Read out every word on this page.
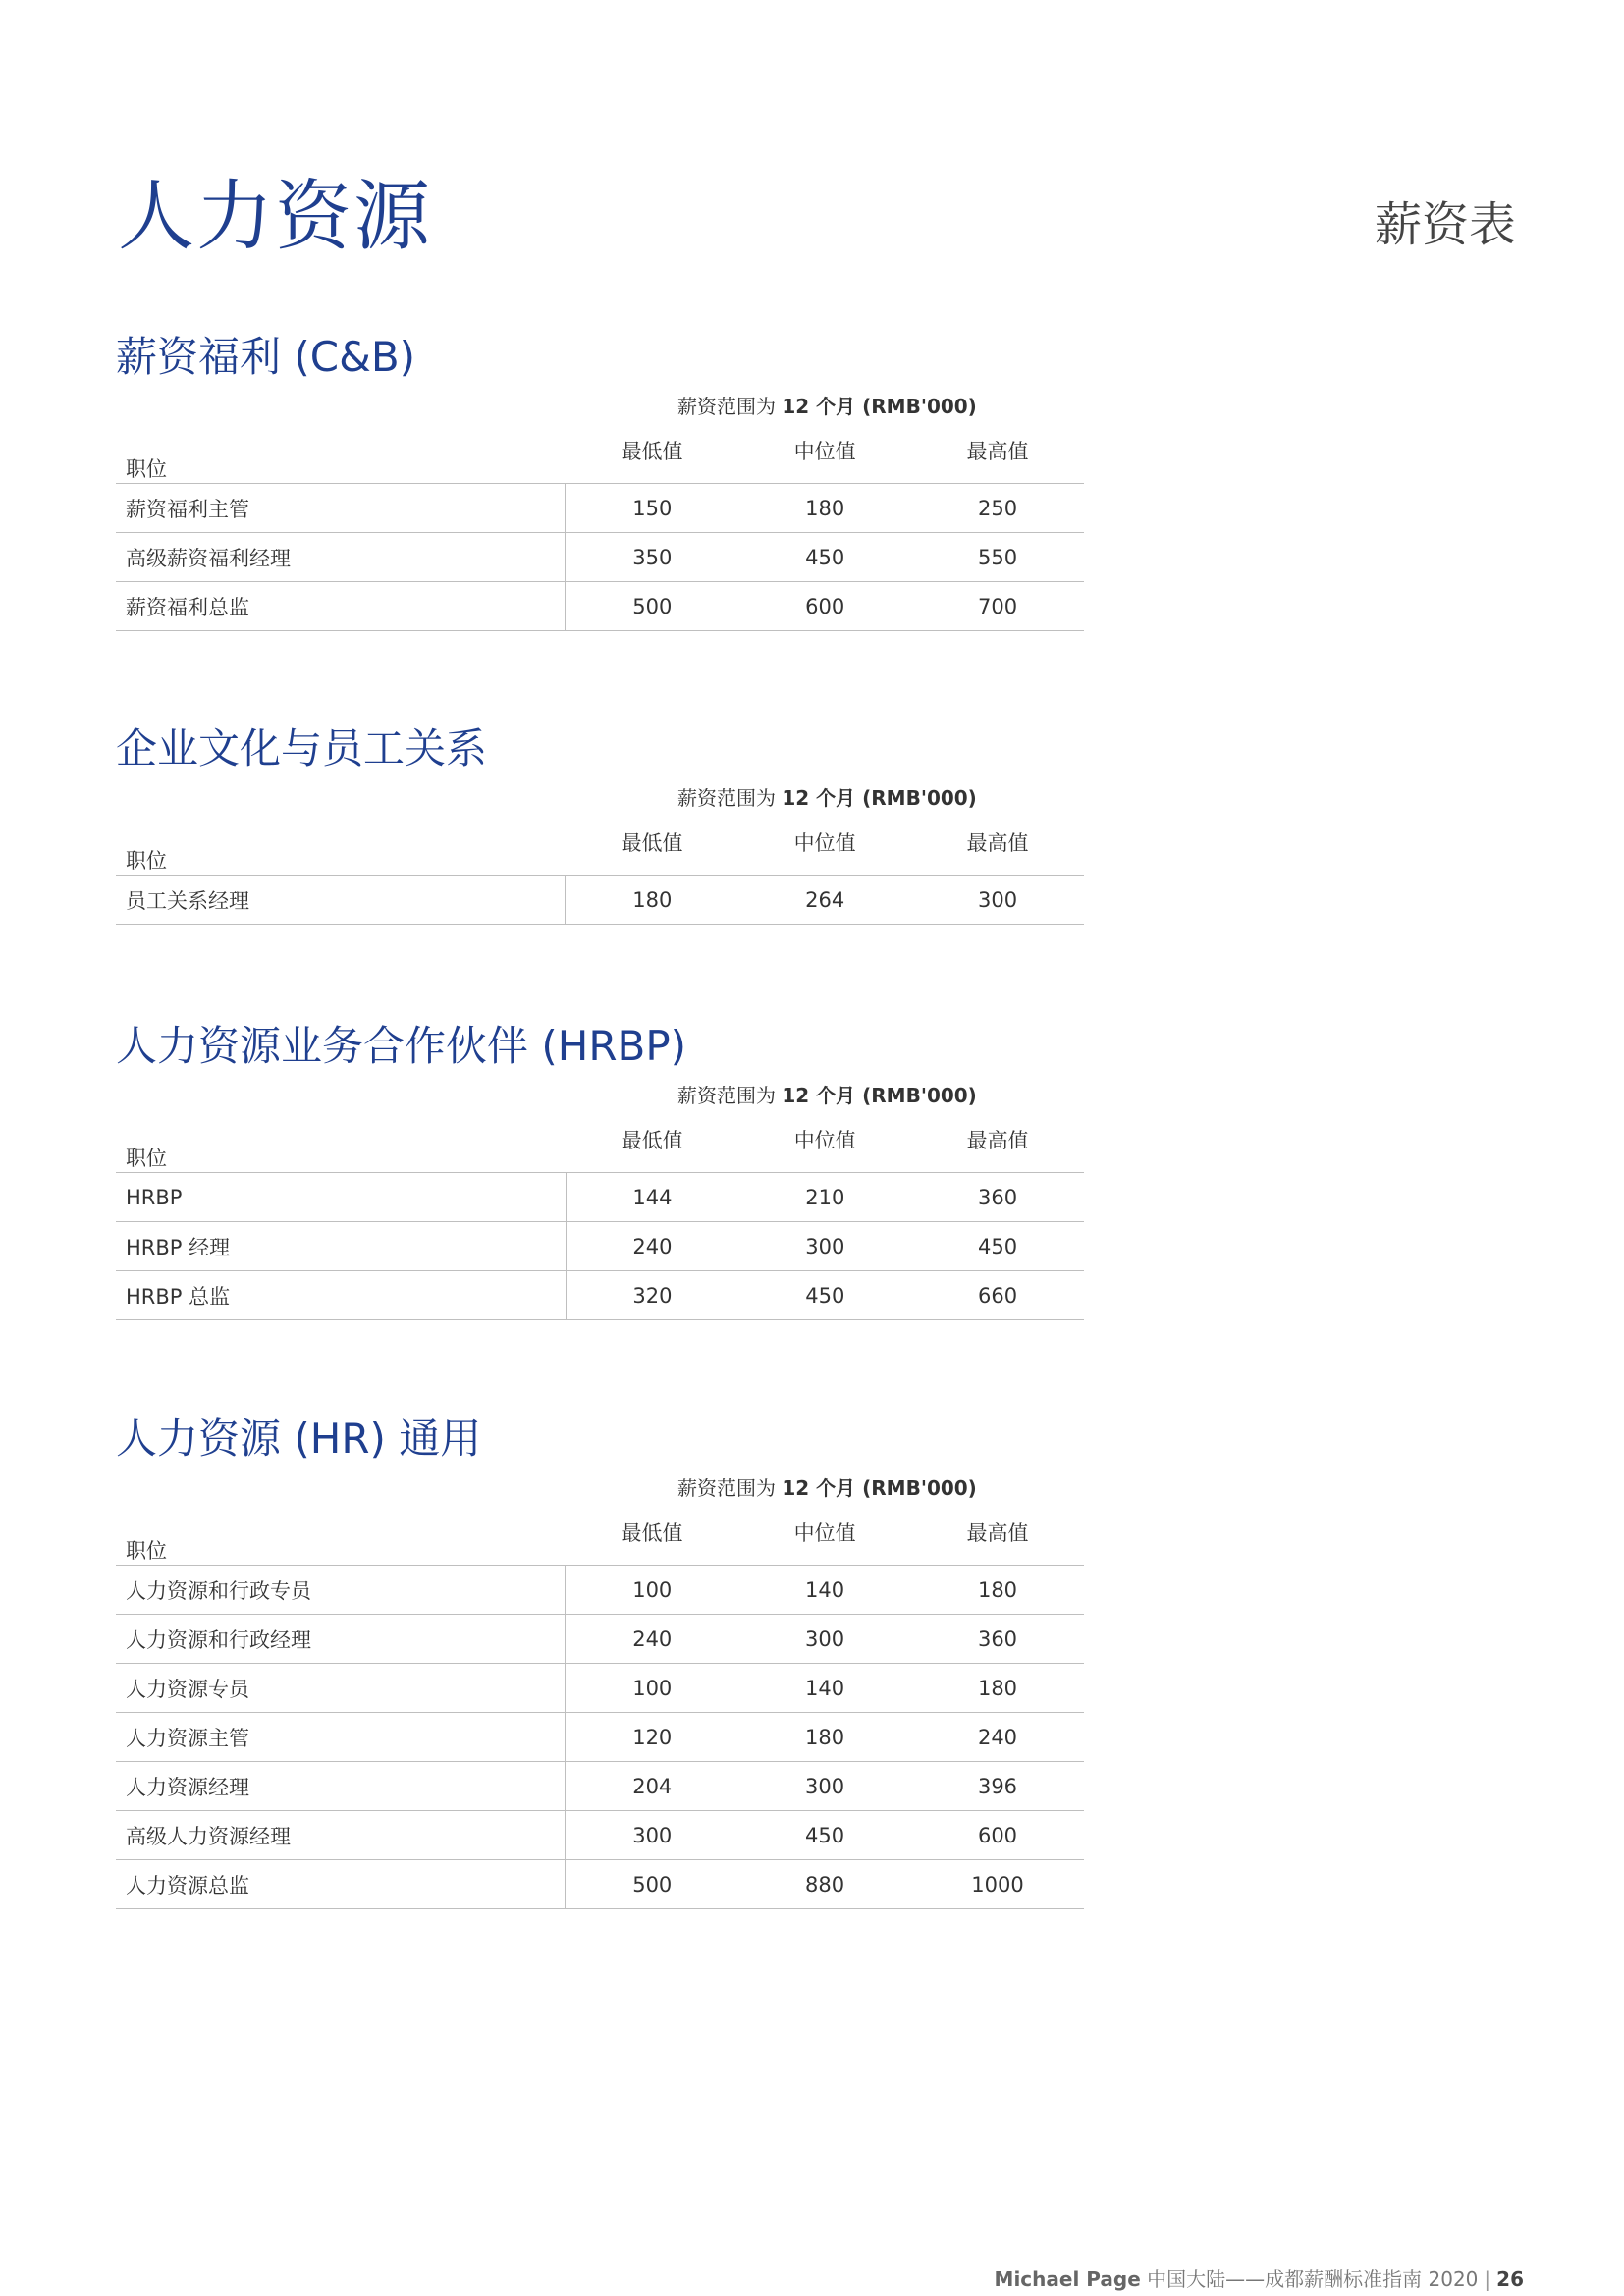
人力资源	薪资表
薪资福利 (C&B)
薪资范围为 12 个月 (RMB'000)
职位	最低值	中位值	最高值
薪资福利主管	150	180	250
高级薪资福利经理	350	450	550
薪资福利总监	500	600	700
企业文化与员工关系
薪资范围为 12 个月 (RMB'000)
职位	最低值	中位值	最高值
员工关系经理	180	264	300
人力资源业务合作伙伴 (HRBP)
薪资范围为 12 个月 (RMB'000)
职位	最低值	中位值	最高值
HRBP	144	210	360
HRBP 经理	240	300	450
HRBP 总监	320	450	660
人力资源 (HR) 通用
薪资范围为 12 个月 (RMB'000)
职位	最低值	中位值	最高值
人力资源和行政专员	100	140	180
人力资源和行政经理	240	300	360
人力资源专员	100	140	180
人力资源主管	120	180	240
人力资源经理	204	300	396
高级人力资源经理	300	450	600
人力资源总监	500	880	1000
Michael Page 中国大陆——成都薪酬标准指南 2020 | 26
